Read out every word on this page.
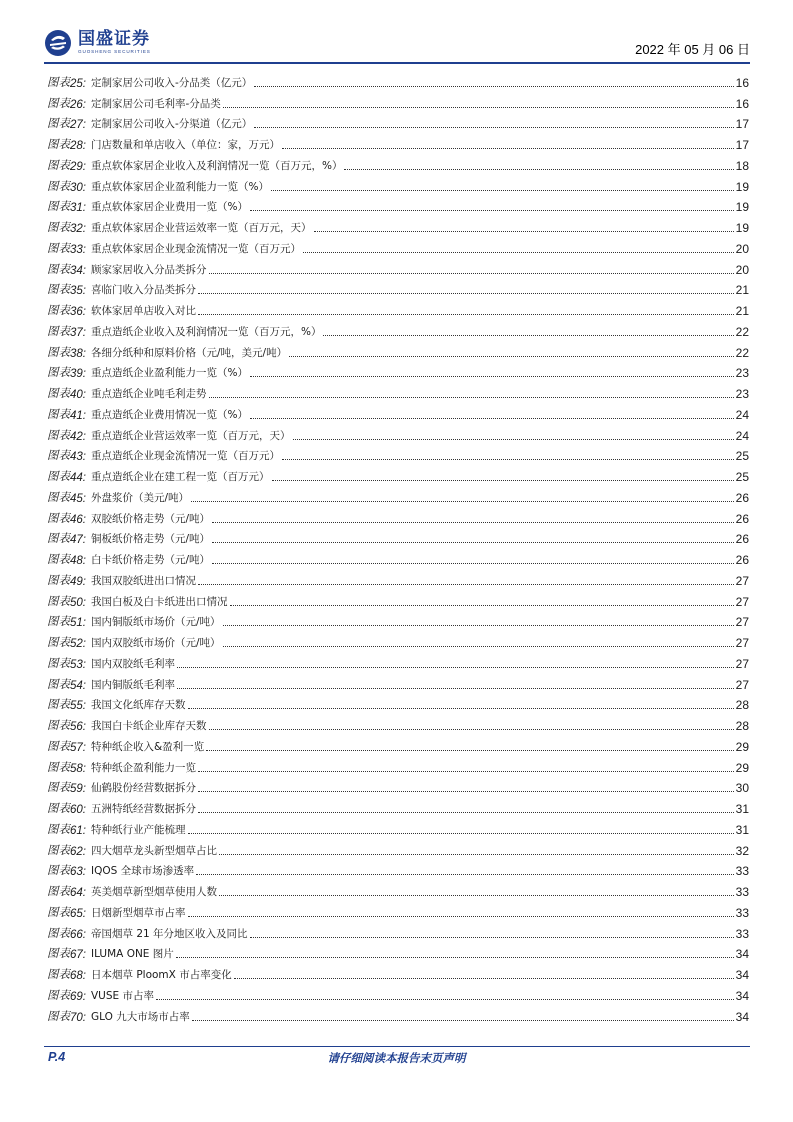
国盛证券
GUOSHENG SECURITIES	2022 年 05 月 06 日
图表 25: 定制家居公司收入-分品类（亿元）	16
图表 26: 定制家居公司毛利率-分品类	16
图表 27: 定制家居公司收入-分渠道（亿元）	17
图表 28: 门店数量和单店收入（单位：家，万元）	17
图表 29: 重点软体家居企业收入及利润情况一览（百万元，%）	18
图表 30: 重点软体家居企业盈利能力一览（%）	19
图表 31: 重点软体家居企业费用一览（%）	19
图表 32: 重点软体家居企业营运效率一览（百万元，天）	19
图表 33: 重点软体家居企业现金流情况一览（百万元）	20
图表 34: 顾家家居收入分品类拆分	20
图表 35: 喜临门收入分品类拆分	21
图表 36: 软体家居单店收入对比	21
图表 37: 重点造纸企业收入及利润情况一览（百万元，%）	22
图表 38: 各细分纸种和原料价格（元/吨，美元/吨）	22
图表 39: 重点造纸企业盈利能力一览（%）	23
图表 40: 重点造纸企业吨毛利走势	23
图表 41: 重点造纸企业费用情况一览（%）	24
图表 42: 重点造纸企业营运效率一览（百万元，天）	24
图表 43: 重点造纸企业现金流情况一览（百万元）	25
图表 44: 重点造纸企业在建工程一览（百万元）	25
图表 45: 外盘浆价（美元/吨）	26
图表 46: 双胶纸价格走势（元/吨）	26
图表 47: 铜板纸价格走势（元/吨）	26
图表 48: 白卡纸价格走势（元/吨）	26
图表 49: 我国双胶纸进出口情况	27
图表 50: 我国白板及白卡纸进出口情况	27
图表 51: 国内铜版纸市场价（元/吨）	27
图表 52: 国内双胶纸市场价（元/吨）	27
图表 53: 国内双胶纸毛利率	27
图表 54: 国内铜版纸毛利率	27
图表 55: 我国文化纸库存天数	28
图表 56: 我国白卡纸企业库存天数	28
图表 57: 特种纸企收入&盈利一览	29
图表 58: 特种纸企盈利能力一览	29
图表 59: 仙鹤股份经营数据拆分	30
图表 60: 五洲特纸经营数据拆分	31
图表 61: 特种纸行业产能梳理	31
图表 62: 四大烟草龙头新型烟草占比	32
图表 63: IQOS 全球市场渗透率	33
图表 64: 英美烟草新型烟草使用人数	33
图表 65: 日烟新型烟草市占率	33
图表 66: 帝国烟草 21 年分地区收入及同比	33
图表 67: ILUMA ONE 图片	34
图表 68: 日本烟草 PloomX 市占率变化	34
图表 69: VUSE 市占率	34
图表 70: GLO 九大市场市占率	34
P.4	请仔细阅读本报告末页声明
